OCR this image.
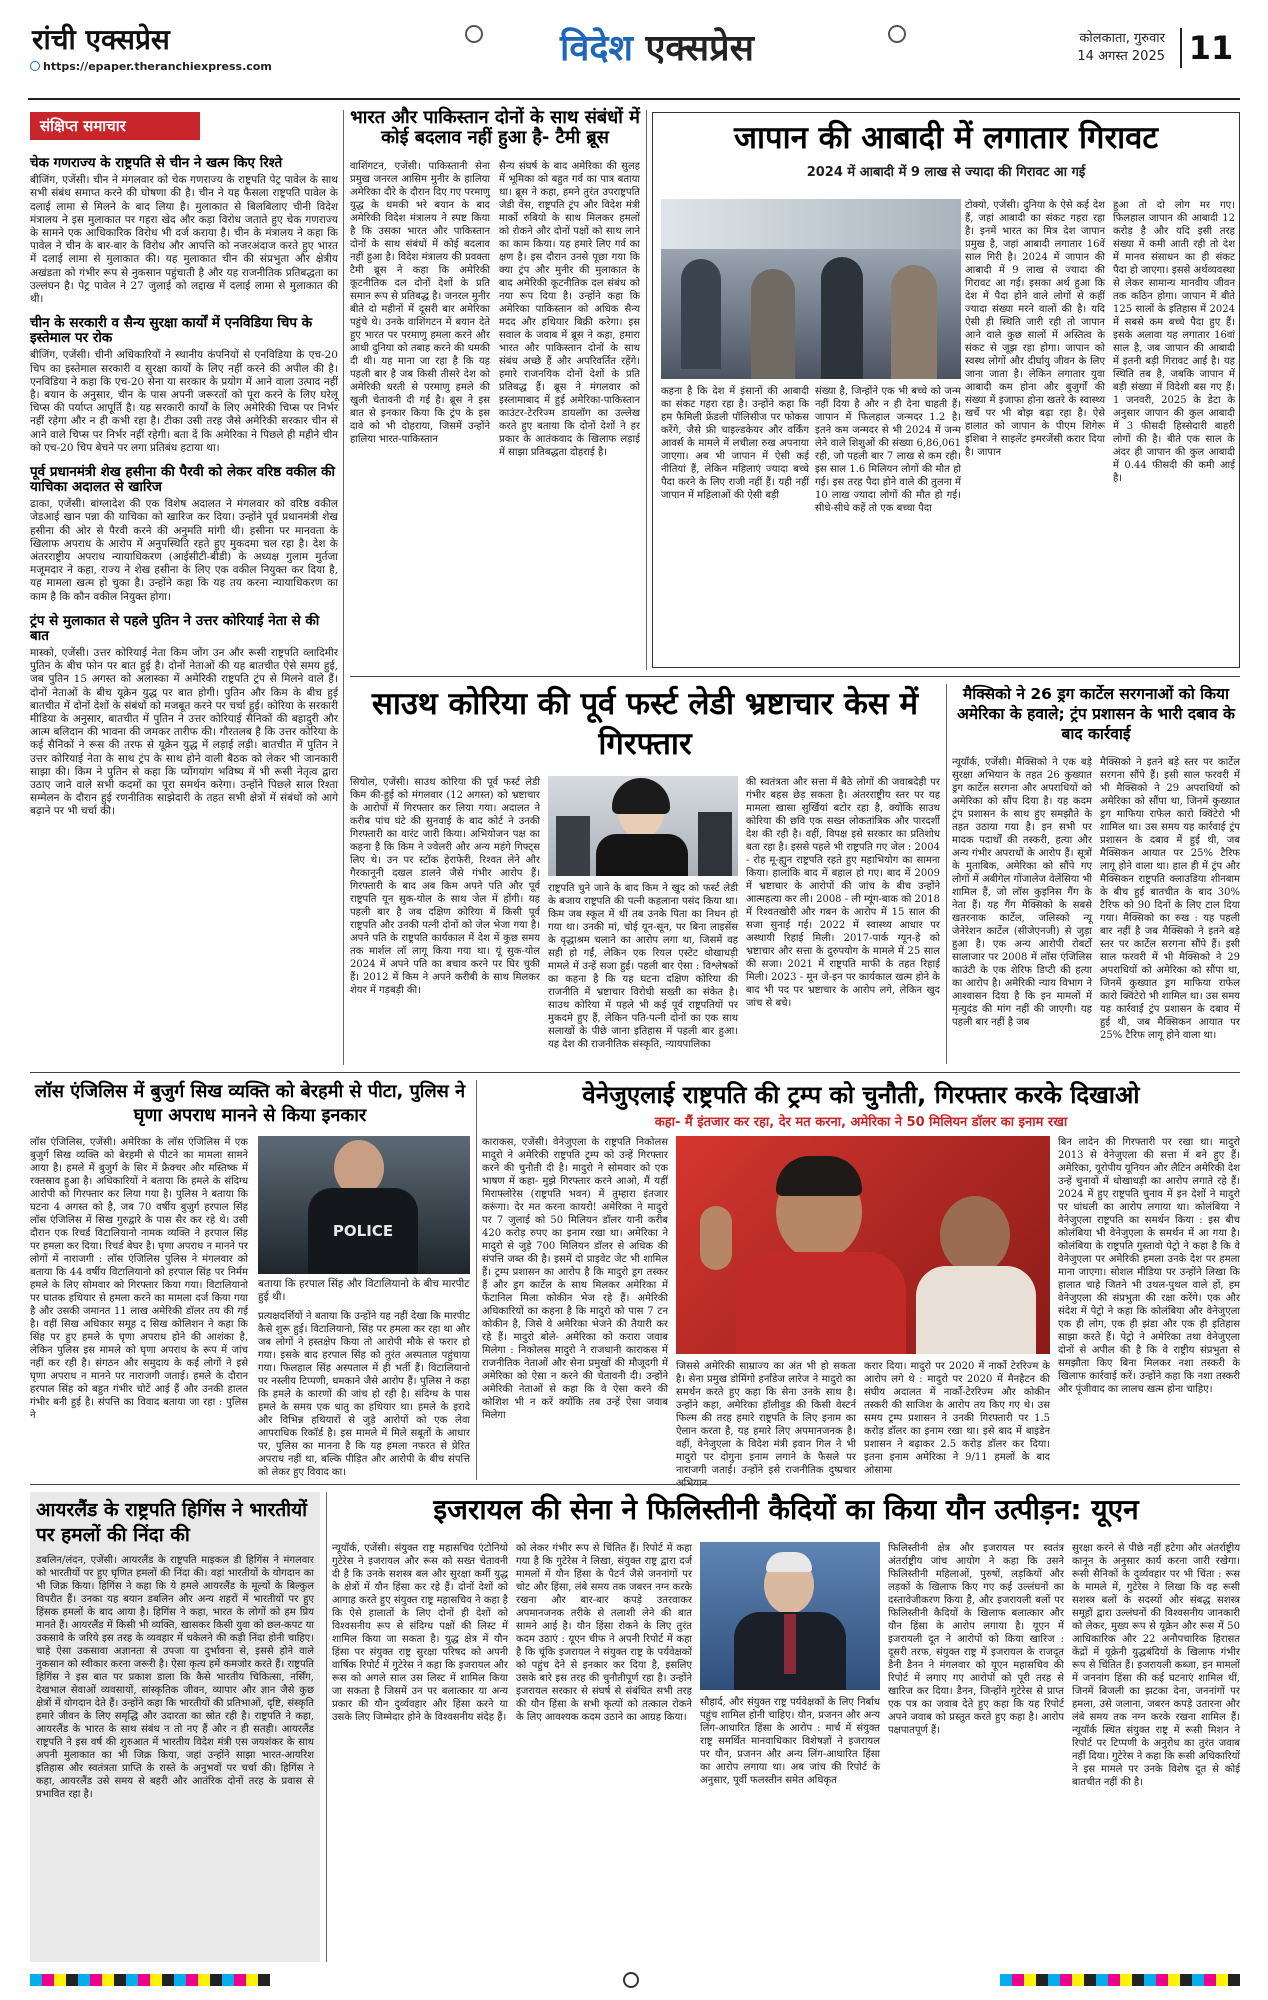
रांची एक्सप्रेस
https://epaper.theranchiexpress.com	विदेश एक्सप्रेस	कोलकाता, गुरुवार
14 अगस्त 2025 11
संक्षिप्त समाचार
चेक गणराज्य के राष्ट्रपति से चीन ने खत्म किए रिश्ते
बीजिंग, एजेंसी। चीन ने मंगलवार को चेक गणराज्य के राष्ट्रपति पेट्र पावेल के साथ सभी संबंध समाप्त करने की घोषणा की है। चीन ने यह फैसला राष्ट्रपति पावेल के दलाई लामा से मिलने के बाद लिया है। मुलाकात से बिलबिलाए चीनी विदेश मंत्रालय ने इस मुलाकात पर गहरा खेद और कड़ा विरोध जताते हुए चेक गणराज्य के सामने एक आधिकारिक विरोध भी दर्ज कराया है। चीन के मंत्रालय ने कहा कि पावेल ने चीन के बार-बार के विरोध और आपत्ति को नजरअंदाज करते हुए भारत में दलाई लामा से मुलाकात की। यह मुलाकात चीन की संप्रभुता और क्षेत्रीय अखंडता को गंभीर रूप से नुकसान पहुंचाती है और यह राजनीतिक प्रतिबद्धता का उल्लंघन है। पेट्र पावेल ने 27 जुलाई को लद्दाख में दलाई लामा से मुलाकात की थी।
चीन के सरकारी व सैन्य सुरक्षा कार्यों में एनविडिया चिप के इस्तेमाल पर रोक
बीजिंग, एजेंसी। चीनी अधिकारियों ने स्थानीय कंपनियों से एनविडिया के एच-20 चिप का इस्तेमाल सरकारी व सुरक्षा कार्यों के लिए नहीं करने की अपील की है। एनविडिया ने कहा कि एच-20 सेना या सरकार के प्रयोग में आने वाला उत्पाद नहीं है। बयान के अनुसार, चीन के पास अपनी जरूरतों को पूरा करने के लिए घरेलू चिप्स की पर्याप्त आपूर्ति है। यह सरकारी कार्यों के लिए अमेरिकी चिप्स पर निर्भर नहीं रहेगा और न ही कभी रहा है। टीका उसी तरह जैसे अमेरिकी सरकार चीन से आने वाले चिप्स पर निर्भर नहीं रहेगी। बता दें कि अमेरिका ने पिछले ही महीने चीन को एच-20 चिप बेचने पर लगा प्रतिबंध हटाया था।
पूर्व प्रधानमंत्री शेख हसीना की पैरवी को लेकर वरिष्ठ वकील की याचिका अदालत से खारिज
ढाका, एजेंसी। बांग्लादेश की एक विशेष अदालत ने मंगलवार को वरिष्ठ वकील जेडआई खान पन्ना की याचिका को खारिज कर दिया। उन्होंने पूर्व प्रधानमंत्री शेख हसीना की ओर से पैरवी करने की अनुमति मांगी थी। हसीना पर मानवता के खिलाफ अपराध के आरोप में अनुपस्थिति रहते हुए मुकदमा चल रहा है। देश के अंतरराष्ट्रीय अपराध न्यायाधिकरण (आईसीटी-बीडी) के अध्यक्ष गुलाम मुर्तजा मजूमदार ने कहा, राज्य ने शेख हसीना के लिए एक वकील नियुक्त कर दिया है, यह मामला खत्म हो चुका है। उन्होंने कहा कि यह तय करना न्यायाधिकरण का काम है कि कौन वकील नियुक्त होगा।
ट्रंप से मुलाकात से पहले पुतिन ने उत्तर कोरियाई नेता से की बात
मास्को, एजेंसी। उत्तर कोरियाई नेता किम जोंग उन और रूसी राष्ट्रपति व्लादिमीर पुतिन के बीच फोन पर बात हुई है। दोनों नेताओं की यह बातचीत ऐसे समय हुई, जब पुतिन 15 अगस्त को अलास्का में अमेरिकी राष्ट्रपति ट्रंप से मिलने वाले हैं। दोनों नेताओं के बीच यूक्रेन युद्ध पर बात होगी। पुतिन और किम के बीच हुई बातचीत में दोनों देशों के संबंधों को मजबूत करने पर चर्चा हुई। कोरिया के सरकारी मीडिया के अनुसार, बातचीत में पुतिन ने उत्तर कोरियाई सैनिकों की बहादुरी और आत्म बलिदान की भावना की जमकर तारीफ की। गौरतलब है कि उत्तर कोरिया के कई सैनिकों ने रूस की तरफ से यूक्रेन युद्ध में लड़ाई लड़ी। बातचीत में पुतिन ने उत्तर कोरियाई नेता के साथ ट्रंप के साथ होने वाली बैठक को लेकर भी जानकारी साझा की। किम ने पुतिन से कहा कि प्योंगयांग भविष्य में भी रूसी नेतृत्व द्वारा उठाए जाने वाले सभी कदमों का पूरा समर्थन करेगा। उन्होंने पिछले साल रिश्ता सम्मेलन के दौरान हुई रणनीतिक साझेदारी के तहत सभी क्षेत्रों में संबंधों को आगे बढ़ाने पर भी चर्चा की।
भारत और पाकिस्तान दोनों के साथ संबंधों में कोई बदलाव नहीं हुआ है- टैमी ब्रूस
वाशिंगटन, एजेंसी। पाकिस्तानी सेना प्रमुख जनरल आसिम मुनीर के हालिया अमेरिका दौरे के दौरान दिए गए परमाणु युद्ध के धमकी भरे बयान के बाद अमेरिकी विदेश मंत्रालय ने स्पष्ट किया है कि उसका भारत और पाकिस्तान दोनों के साथ संबंधों में कोई बदलाव नहीं हुआ है। विदेश मंत्रालय की प्रवक्ता टैमी ब्रूस ने कहा कि अमेरिकी कूटनीतिक दल दोनों देशों के प्रति समान रूप से प्रतिबद्ध है। जनरल मुनीर बीते दो महीनों में दूसरी बार अमेरिका पहुंचे थे। उनके वाशिंगटन में बयान देते हुए भारत पर परमाणु हमला करने और आधी दुनिया को तबाह करने की धमकी दी थी। यह माना जा रहा है कि यह पहली बार है जब किसी तीसरे देश को अमेरिकी धरती से परमाणु हमले की खुली चेतावनी दी गई है। ब्रूस ने इस बात से इनकार किया कि ट्रंप के इस दावे को भी दोहराया, जिसमें उन्होंने हालिया भारत-पाकिस्तान
सैन्य संघर्ष के बाद अमेरिका की सुलह में भूमिका को बहुत गर्व का पात्र बताया था। ब्रूस ने कहा, हमने तुरंत उपराष्ट्रपति जेडी वेंस, राष्ट्रपति ट्रंप और विदेश मंत्री मार्को रुबियो के साथ मिलकर हमलों को रोकने और दोनों पक्षों को साथ लाने का काम किया। यह हमारे लिए गर्व का क्षण है। इस दौरान उनसे पूछा गया कि क्या ट्रंप और मुनीर की मुलाकात के बाद अमेरिकी कूटनीतिक दल संबंध को नया रूप दिया है। उन्होंने कहा कि अमेरिका पाकिस्तान को अधिक सैन्य मदद और हथियार बिक्री करेगा। इस सवाल के जवाब में ब्रूस ने कहा, हमारा भारत और पाकिस्तान दोनों के साथ संबंध अच्छे हैं और अपरिवर्तित रहेंगे। हमारे राजनयिक दोनों देशों के प्रति प्रतिबद्ध हैं। ब्रूस ने मंगलवार को इस्लामाबाद में हुई अमेरिका-पाकिस्तान काउंटर-टेररिज्म डायलॉग का उल्लेख करते हुए बताया कि दोनों देशों ने हर प्रकार के आतंकवाद के खिलाफ लड़ाई में साझा प्रतिबद्धता दोहराई है।
जापान की आबादी में लगातार गिरावट
2024 में आबादी में 9 लाख से ज्यादा की गिरावट आ गई
टोक्यो, एजेंसी। दुनिया के ऐसे कई देश हैं, जहां आबादी का संकट गहरा रहा है। इनमें भारत का मित्र देश जापान प्रमुख है, जहां आबादी लगातार 16वें साल गिरी है। 2024 में जापान की आबादी में 9 लाख से ज्यादा की गिरावट आ गई। इसका अर्थ हुआ कि देश में पैदा होने वाले लोगों से कहीं ज्यादा संख्या मरने वालों की है। यदि ऐसी ही स्थिति जारी रही तो जापान आने वाले कुछ सालों में अस्तित्व के संकट से जूझ रहा होगा। जापान को स्वस्थ लोगों और दीर्घायु जीवन के लिए जाना जाता है। लेकिन लगातार युवा आबादी कम होना और बुजुर्गों की संख्या में इजाफा होना खतरे के स्वास्थ्य खर्चे पर भी बोझ बढ़ा रहा है। ऐसे हालात को जापान के पीएम शिगेरू इशिबा ने साइलेंट इमरजेंसी करार दिया है। जापान
हुआ तो दो लोग मर गए। फिलहाल जापान की आबादी 12 करोड़ है और यदि इसी तरह संख्या में कमी आती रही तो देश में मानव संसाधन का ही संकट पैदा हो जाएगा। इससे अर्थव्यवस्था से लेकर सामान्य मानवीय जीवन तक कठिन होगा। जापान में बीते 125 सालों के इतिहास में 2024 में सबसे कम बच्चे पैदा हुए हैं। इसके अलावा यह लगातार 16वां साल है, जब जापान की आबादी में इतनी बड़ी गिरावट आई है। यह स्थिति तब है, जबकि जापान में बड़ी संख्या में विदेशी बस गए हैं। 1 जनवरी, 2025 के डेटा के अनुसार जापान की कुल आबादी में 3 फीसदी हिस्सेदारी बाहरी लोगों की है। बीते एक साल के अंदर ही जापान की कुल आबादी में 0.44 फीसदी की कमी आई है।
कहना है कि देश में इंसानों की आबादी का संकट गहरा रहा है। उन्होंने कहा कि हम फैमिली फ्रेंडली पॉलिसीज पर फोकस करेंगे, जैसे फ्री चाइल्डकेयर और वर्किंग आवर्स के मामले में लचीला रुख अपनाया जाएगा। अब भी जापान में ऐसी कई नीतियां हैं, लेकिन महिलाएं ज्यादा बच्चे पैदा करने के लिए राजी नहीं हैं। यही नहीं जापान में महिलाओं की ऐसी बड़ी
संख्या है, जिन्होंने एक भी बच्चे को जन्म नहीं दिया है और न ही देना चाहती हैं। जापान में फिलहाल जन्मदर 1.2 है। इतने कम जन्मदर से भी 2024 में जन्म लेने वाले शिशुओं की संख्या 6,86,061 रही, जो पहली बार 7 लाख से कम रही। इस साल 1.6 मिलियन लोगों की मौत हो गई। इस तरह पैदा होने वाले की तुलना में 10 लाख ज्यादा लोगों की मौत हो गई। सीधे-सीधे कहें तो एक बच्चा पैदा
साउथ कोरिया की पूर्व फर्स्ट लेडी भ्रष्टाचार केस में गिरफ्तार
सियोल, एजेंसी। साउथ कोरिया की पूर्व फर्स्ट लेडी किम की-हुई को मंगलवार (12 अगस्त) को भ्रष्टाचार के आरोपों में गिरफ्तार कर लिया गया। अदालत ने करीब पांच घंटे की सुनवाई के बाद कोर्ट ने उनकी गिरफ्तारी का वारंट जारी किया। अभियोजन पक्ष का कहना है कि किम ने ज्वेलरी और अन्य महंगे गिफ्ट्स लिए थे। उन पर स्टॉक हेराफेरी, रिश्वत लेने और गैरकानूनी दखल डालने जैसे गंभीर आरोप हैं। गिरफ्तारी के बाद अब किम अपने पति और पूर्व राष्ट्रपति यून सुक-योल के साथ जेल में होंगी। यह पहली बार है जब दक्षिण कोरिया में किसी पूर्व राष्ट्रपति और उनकी पत्नी दोनों को जेल भेजा गया है। अपने पति के राष्ट्रपति कार्यकाल में देश में कुछ समय तक मार्शल लॉ लागू किया गया था। यूं सुक-योल 2024 में अपने पति का बचाव करने पर घिर चुकी हैं। 2012 में किम ने अपने करीबी के साथ मिलकर शेयर में गड़बड़ी की।
राष्ट्रपति चुने जाने के बाद किम ने खुद को फर्स्ट लेडी के बजाय राष्ट्रपति की पत्नी कहलाना पसंद किया था। किम जब स्कूल में थीं तब उनके पिता का निधन हो गया था। उनकी मां, चोई यून-सून, पर बिना लाइसेंस के वृद्धाश्रम चलाने का आरोप लगा था, जिसमें वह सही हो गईं, लेकिन एक रियल एस्टेट धोखाधड़ी मामले में उन्हें सजा हुई। पहली बार ऐसा : विश्लेषकों का कहना है कि यह घटना दक्षिण कोरिया की राजनीति में भ्रष्टाचार विरोधी सख्ती का संकेत है। साउथ कोरिया में पहले भी कई पूर्व राष्ट्रपतियों पर मुकदमे हुए हैं, लेकिन पति-पत्नी दोनों का एक साथ सलाखों के पीछे जाना इतिहास में पहली बार हुआ। यह देश की राजनीतिक संस्कृति, न्यायपालिका
की स्वतंत्रता और सत्ता में बैठे लोगों की जवाबदेही पर गंभीर बहस छेड़ सकता है। अंतरराष्ट्रीय स्तर पर यह मामला खासा सुर्खियां बटोर रहा है, क्योंकि साउथ कोरिया की छवि एक सख्त लोकतांत्रिक और पारदर्शी देश की रही है। वहीं, विपक्ष इसे सरकार का प्रतिशोध बता रहा है। इससे पहले भी राष्ट्रपति गए जेल : 2004 - रोह मू-ह्युन राष्ट्रपति रहते हुए महाभियोग का सामना किया। हालांकि बाद में बहाल हो गए। बाद में 2009 में भ्रष्टाचार के आरोपों की जांच के बीच उन्होंने आत्महत्या कर ली। 2008 - ली म्यूंग-बाक को 2018 में रिश्वतखोरी और गबन के आरोप में 15 साल की सजा सुनाई गई। 2022 में स्वास्थ्य आधार पर अस्थायी रिहाई मिली। 2017-पार्क ग्यून-हे को भ्रष्टाचार और सत्ता के दुरुपयोग के मामले में 25 साल की सजा। 2021 में राष्ट्रपति माफी के तहत रिहाई मिली। 2023 - मून जे-इन पर कार्यकाल खत्म होने के बाद भी पद पर भ्रष्टाचार के आरोप लगे, लेकिन खुद जांच से बचे।
मैक्सिको ने 26 ड्रग कार्टेल सरगनाओं को किया अमेरिका के हवाले; ट्रंप प्रशासन के भारी दबाव के बाद कार्रवाई
न्यूयॉर्क, एजेंसी। मैक्सिको ने एक बड़े सुरक्षा अभियान के तहत 26 कुख्यात ड्रग कार्टेल सरगना और अपराधियों को अमेरिका को सौंप दिया है। यह कदम ट्रंप प्रशासन के साथ हुए समझौते के तहत उठाया गया है। इन सभी पर मादक पदार्थों की तस्करी, हत्या और अन्य गंभीर अपराधों के आरोप हैं। सूत्रों के मुताबिक, अमेरिका को सौंपे गए लोगों में अबीगेल गोंजालेज वेलेंसिया भी शामिल हैं, जो लॉस कुइनिस गैंग के नेता हैं। यह गैंग मैक्सिको के सबसे खतरनाक कार्टेल, जलिस्को न्यू जेनेरेशन कार्टेल (सीजेएनजी) से जुड़ा हुआ है। एक अन्य आरोपी रोबर्टो सालाजार पर 2008 में लॉस एंजिलिस काउंटी के एक शेरिफ डिप्टी की हत्या का आरोप है। अमेरिकी न्याय विभाग ने आश्वासन दिया है कि इन मामलों में मृत्युदंड की मांग नहीं की जाएगी। यह पहली बार नहीं है जब
मैक्सिको ने इतने बड़े स्तर पर कार्टेल सरगना सौंपे हैं। इसी साल फरवरी में भी मैक्सिको ने 29 अपराधियों को अमेरिका को सौंपा था, जिनमें कुख्यात ड्रग माफिया राफेल कारो क्विंटेरो भी शामिल था। उस समय यह कार्रवाई ट्रंप प्रशासन के दबाव में हुई थी, जब मैक्सिकन आयात पर 25% टैरिफ लागू होने वाला था। हाल ही में ट्रंप और मैक्सिकन राष्ट्रपति क्लाउडिया शीनबाम के बीच हुई बातचीत के बाद 30% टैरिफ को 90 दिनों के लिए टाल दिया गया। मैक्सिको का रुख : यह पहली बार नहीं है जब मैक्सिको ने इतने बड़े स्तर पर कार्टेल सरगना सौंपे हैं। इसी साल फरवरी में भी मैक्सिको ने 29 अपराधियों को अमेरिका को सौंपा था, जिनमें कुख्यात ड्रग माफिया राफेल कारो क्विंटेरो भी शामिल था। उस समय यह कार्रवाई ट्रंप प्रशासन के दबाव में हुई थी, जब मैक्सिकन आयात पर 25% टैरिफ लागू होने वाला था।
लॉस एंजिलिस में बुजुर्ग सिख व्यक्ति को बेरहमी से पीटा, पुलिस ने घृणा अपराध मानने से किया इनकार
लॉस एंजिलिस, एजेंसी। अमेरिका के लॉस एंजिलिस में एक बुजुर्ग सिख व्यक्ति को बेरहमी से पीटने का मामला सामने आया है। हमले में बुजुर्ग के सिर में फ्रैक्चर और मस्तिष्क में रक्तस्राव हुआ है। अधिकारियों ने बताया कि हमले के संदिग्ध आरोपी को गिरफ्तार कर लिया गया है। पुलिस ने बताया कि घटना 4 अगस्त को है, जब 70 वर्षीय बुजुर्ग हरपाल सिंह लॉस एंजिलिस में सिख गुरुद्वारे के पास सैर कर रहे थे। उसी दौरान एक रिचर्ड विटालियानो नामक व्यक्ति ने हरपाल सिंह पर हमला कर दिया। रिचर्ड बेघर है। घृणा अपराध न मानने पर लोगों में नाराजगी : लॉस एंजिलिस पुलिस ने मंगलवार को बताया कि 44 वर्षीय विटालियानो को हरपाल सिंह पर निर्मम हमले के लिए सोमवार को गिरफ्तार किया गया। विटालियानो पर घातक हथियार से हमला करने का मामला दर्ज किया गया है और उसकी जमानत 11 लाख अमेरिकी डॉलर तय की गई है। वहीं सिख अधिकार समूह द सिख कोलिशन ने कहा कि सिंह पर हुए हमले के घृणा अपराध होने की आशंका है, लेकिन पुलिस इस मामले को घृणा अपराध के रूप में जांच नहीं कर रही है। संगठन और समुदाय के कई लोगों ने इसे घृणा अपराध न मानने पर नाराजगी जताई। हमले के दौरान हरपाल सिंह को बहुत गंभीर चोटें आई हैं और उनकी हालत गंभीर बनी हुई है। संपत्ति का विवाद बताया जा रहा : पुलिस ने
POLICE
बताया कि हरपाल सिंह और विटालियानो के बीच मारपीट हुई थी।
प्रत्यक्षदर्शियों ने बताया कि उन्होंने यह नहीं देखा कि मारपीट कैसे शुरू हुई। विटालियानो, सिंह पर हमला कर रहा था और जब लोगों ने हस्तक्षेप किया तो आरोपी मौके से फरार हो गया। इसके बाद हरपाल सिंह को तुरंत अस्पताल पहुंचाया गया। फिलहाल सिंह अस्पताल में ही भर्ती हैं। विटालियानो पर नस्लीय टिप्पणी, धमकाने जैसे आरोप हैं। पुलिस ने कहा कि हमले के कारणों की जांच हो रही है। संदिग्ध के पास हमले के समय एक धातु का हथियार था। हमले के इरादे और विभिन्न हथियारों से जुड़े आरोपों को एक लेवा आपराधिक रिकॉर्ड है। इस मामले में मिले सबूतों के आधार पर, पुलिस का मानना है कि यह हमला नफरत से प्रेरित अपराध नहीं था, बल्कि पीड़ित और आरोपी के बीच संपत्ति को लेकर हुए विवाद का।
वेनेजुएलाई राष्ट्रपति की ट्रम्प को चुनौती, गिरफ्तार करके दिखाओ
कहा- मैं इंतजार कर रहा, देर मत करना, अमेरिका ने 50 मिलियन डॉलर का इनाम रखा
काराकस, एजेंसी। वेनेजुएला के राष्ट्रपति निकोलस मादुरो ने अमेरिकी राष्ट्रपति ट्रम्प को उन्हें गिरफ्तार करने की चुनौती दी है। मादुरो ने सोमवार को एक भाषण में कहा- मुझे गिरफ्तार करने आओ, मैं यहीं मिराफ्लोरेस (राष्ट्रपति भवन) में तुम्हारा इंतजार करूंगा। देर मत करना कायरो! अमेरिका ने मादुरो पर 7 जुलाई को 50 मिलियन डॉलर यानी करीब 420 करोड़ रुपए का इनाम रखा था। अमेरिका ने मादुरो से जुड़े 700 मिलियन डॉलर से अधिक की संपत्ति जब्त की है। इसमें दो प्राइवेट जेट भी शामिल हैं। ट्रम्प प्रशासन का आरोप है कि मादुरो ड्रग तस्कर हैं और ड्रग कार्टेल के साथ मिलकर अमेरिका में फेंटानिल मिला कोकीन भेज रहे हैं। अमेरिकी अधिकारियों का कहना है कि मादुरो को पास 7 टन कोकीन है, जिसे वे अमेरिका भेजने की तैयारी कर रहे हैं। मादुरो बोले- अमेरिका को करारा जवाब मिलेगा : निकोलस मादुरो ने राजधानी काराकस में राजनीतिक नेताओं और सेना प्रमुखों की मौजूदगी में अमेरिका को ऐसा न करने की चेतावनी दी। उन्होंने अमेरिकी नेताओं से कहा कि वे ऐसा करने की कोशिश भी न करें क्योंकि तब उन्हें ऐसा जवाब मिलेगा
जिससे अमेरिकी साम्राज्य का अंत भी हो सकता है। सेना प्रमुख डोमिंगो हर्नांडेज लारेज ने मादुरो का समर्थन करते हुए कहा कि सेना उनके साथ है। उन्होंने कहा, अमेरिका हॉलीवुड की किसी वेस्टर्न फिल्म की तरह हमारे राष्ट्रपति के लिए इनाम का ऐलान करता है, यह हमारे लिए अपमानजनक है। वहीं, वेनेजुएला के विदेश मंत्री इवान गिल ने भी मादुरो पर दोगुना इनाम लगाने के फैसले पर नाराजगी जताई। उन्होंने इसे राजनीतिक दुष्प्रचार
करार दिया। मादुरो पर 2020 में नार्को टेररिज्म के आरोप लगे थे : मादुरो पर 2020 में मैनहैटन की संघीय अदालत में नार्को-टेररिज्म और कोकीन तस्करी की साजिश के आरोप तय किए गए थे। उस समय ट्रम्प प्रशासन ने उनकी गिरफ्तारी पर 1.5 करोड़ डॉलर का इनाम रखा था। इसे बाद में बाइडेन प्रशासन ने बढ़ाकर 2.5 करोड़ डॉलर कर दिया। इतना इनाम अमेरिका ने 9/11 हमलों के बाद ओसामा
बिन लादेन की गिरफ्तारी पर रखा था। मादुरो 2013 से वेनेजुएला की सत्ता में बने हुए हैं। अमेरिका, यूरोपीय यूनियन और लैटिन अमेरिकी देश उन्हें चुनावों में धोखाधड़ी का आरोप लगाते रहे हैं। 2024 में हुए राष्ट्रपति चुनाव में इन देशों ने मादुरो पर धांधली का आरोप लगाया था। कोलंबिया ने वेनेजुएला राष्ट्रपति का समर्थन किया : इस बीच कोलंबिया भी वेनेजुएला के समर्थन में आ गया है। कोलंबिया के राष्ट्रपति गुस्तावो पेट्रो ने कहा है कि वे वेनेजुएला पर अमेरिकी हमला उनके देश पर हमला माना जाएगा। सोशल मीडिया पर उन्होंने लिखा कि हालात चाहे जितने भी उथल-पुथल वाले हों, हम वेनेजुएला की संप्रभुता की रक्षा करेंगे। एक और संदेश में पेट्रो ने कहा कि कोलंबिया और वेनेजुएला एक ही लोग, एक ही झंडा और एक ही इतिहास साझा करते हैं। पेट्रो ने अमेरिका तथा वेनेजुएला दोनों से अपील की है कि वे राष्ट्रीय संप्रभुता से समझौता किए बिना मिलकर नशा तस्करी के खिलाफ कार्रवाई करें। उन्होंने कहा कि नशा तस्करी और पूंजीवाद का लालच खत्म होना चाहिए।
आयरलैंड के राष्ट्रपति हिगिंस ने भारतीयों पर हमलों की निंदा की
डबलिन/लंदन, एजेंसी। आयरलैंड के राष्ट्रपति माइकल डी हिगिंस ने मंगलवार को भारतीयों पर हुए घृणित हमलों की निंदा की। वहां भारतीयों के योगदान का भी जिक्र किया। हिगिंस ने कहा कि ये हमले आयरलैंड के मूल्यों के बिल्कुल विपरीत हैं। उनका यह बयान डबलिन और अन्य शहरों में भारतीयों पर हुए हिंसक हमलों के बाद आया है। हिगिंस ने कहा, भारत के लोगों को हम प्रिय मानते हैं। आयरलैंड में किसी भी व्यक्ति, खासकर किसी युवा को छल-कपट या उकसावे के जरिये इस तरह के व्यवहार में धकेलने की कड़ी निंदा होनी चाहिए। चाहे ऐसा उकसावा अज्ञानता से उपजा या दुर्भावना से, इससे होने वाले नुकसान को स्वीकार करना जरूरी है। ऐसा कृत्य हमें कमजोर करते हैं। राष्ट्रपति हिगिंस ने इस बात पर प्रकाश डाला कि कैसे भारतीय चिकित्सा, नर्सिंग, देखभाल सेवाओं व्यवसायों, सांस्कृतिक जीवन, व्यापार और ज्ञान जैसे कुछ क्षेत्रों में योगदान देते हैं। उन्होंने कहा कि भारतीयों की प्रतिभाओं, दृष्टि, संस्कृति हमारे जीवन के लिए समृद्धि और उदारता का स्रोत रही है। राष्ट्रपति ने कहा, आयरलैंड के भारत के साथ संबंध न तो नए हैं और न ही सतही। आयरलैंड राष्ट्रपति ने इस वर्ष की शुरुआत में भारतीय विदेश मंत्री एस जयशंकर के साथ अपनी मुलाकात का भी जिक्र किया, जहां उन्होंने साझा भारत-आयरिश इतिहास और स्वतंत्रता प्राप्ति के रास्ते के अनुभवों पर चर्चा की। हिगिंस ने कहा, आयरलैंड उसे समय से बहरी और आतंरिक दोनों तरह के प्रवास से प्रभावित रहा है।
इजरायल की सेना ने फिलिस्तीनी कैदियों का किया यौन उत्पीड़न: यूएन
न्यूयॉर्क, एजेंसी। संयुक्त राष्ट्र महासचिव एंटोनियो गुटेरेस ने इजरायल और रूस को सख्त चेतावनी दी है कि उनके सशस्त्र बल और सुरक्षा कर्मी युद्ध के क्षेत्रों में यौन हिंसा कर रहे हैं। दोनों देशों को आगाह करते हुए संयुक्त राष्ट्र महासचिव ने कहा है कि ऐसे हालातों के लिए दोनों ही देशों को विश्वसनीय रूप से संदिग्ध पक्षों की लिस्ट में शामिल किया जा सकता है। युद्ध क्षेत्र में यौन हिंसा पर संयुक्त राष्ट्र सुरक्षा परिषद को अपनी वार्षिक रिपोर्ट में गुटेरेस ने कहा कि इजरायल और रूस को अगले साल उस लिस्ट में शामिल किया जा सकता है जिसमें उन पर बलात्कार या अन्य प्रकार की यौन दुर्व्यवहार और हिंसा करने या उसके लिए जिम्मेदार होने के विश्वसनीय संदेह हैं।
को लेकर गंभीर रूप से चिंतित हैं। रिपोर्ट में कहा गया है कि गुटेरेस ने लिखा, संयुक्त राष्ट्र द्वारा दर्ज मामलों में यौन हिंसा के पैटर्न जैसे जननांगों पर चोट और हिंसा, लंबे समय तक जबरन नग्न करके रखना और बार-बार कपड़े उतरवाकर अपमानजनक तरीके से तलाशी लेने की बात सामने आई है। यौन हिंसा रोकने के लिए तुरंत कदम उठाएं : यूएन चीफ ने अपनी रिपोर्ट में कहा है कि चूंकि इजरायल ने संयुक्त राष्ट्र के पर्यवेक्षकों को पहुंच देने से इनकार कर दिया है, इसलिए उसके बारे इस तरह की चुनौतीपूर्ण रहा है। उन्होंने इजरायल सरकार से संघर्ष से संबंधित सभी तरह की यौन हिंसा के सभी कृत्यों को तत्काल रोकने के लिए आवश्यक कदम उठाने का आग्रह किया।
सौहार्द, और संयुक्त राष्ट्र पर्यवेक्षकों के लिए निर्बाध पहुंच शामिल होनी चाहिए। यौन, प्रजनन और अन्य लिंग-आधारित हिंसा के आरोप : मार्च में संयुक्त राष्ट्र समर्थित मानवाधिकार विशेषज्ञों ने इजरायल पर यौन, प्रजनन और अन्य लिंग-आधारित हिंसा का आरोप लगाया था। अब जांच की रिपोर्ट के अनुसार, पूर्वी फलस्तीन समेत अधिकृत
फिलिस्तीनी क्षेत्र और इजरायल पर स्वतंत्र अंतर्राष्ट्रीय जांच आयोग ने कहा कि उसने फिलिस्तीनी महिलाओं, पुरुषों, लड़कियों और लड़कों के खिलाफ किए गए कई उल्लंघनों का दस्तावेजीकरण किया है, और इजरायली बलों पर फिलिस्तीनी कैदियों के खिलाफ बलात्कार और यौन हिंसा के आरोप लगाया है। यूएन में इजरायली दूत ने आरोपों को किया खारिज : दूसरी तरफ, संयुक्त राष्ट्र में इजरायल के राजदूत डैनी डैनन ने मंगलवार को यूएन महासचिव की रिपोर्ट में लगाए गए आरोपों को पूरी तरह से खारिज कर दिया। डैनन, जिन्होंने गुटेरेस से प्राप्त एक पत्र का जवाब देते हुए कहा कि यह रिपोर्ट अपने जवाब को प्रस्तुत करते हुए कहा है। आरोप पक्षपातपूर्ण हैं।
सुरक्षा करने से पीछे नहीं हटेगा और अंतर्राष्ट्रीय कानून के अनुसार कार्य करना जारी रखेगा। रूसी सैनिकों के दुर्व्यवहार पर भी चिंता : रूस के मामले में, गुटेरेस ने लिखा कि वह रूसी सशस्त्र बलों के सदस्यों और संबद्ध सशस्त्र समूहों द्वारा उल्लंघनों की विश्वसनीय जानकारी को लेकर, मुख्य रूप से यूक्रेन और रूस में 50 आधिकारिक और 22 अनौपचारिक हिरासत केंद्रों में यूक्रेनी युद्धबंदियों के खिलाफ गंभीर रूप से चिंतित हैं। इजरायली कब्जा, इन मामलों में जननांग हिंसा की कई घटनाएं शामिल थीं, जिनमें बिजली का झटका देना, जननांगों पर हमला, उसे जलाना, जबरन कपड़े उतारना और लंबे समय तक नग्न करके रखना शामिल हैं। न्यूयॉर्क स्थित संयुक्त राष्ट्र में रूसी मिशन ने रिपोर्ट पर टिप्पणी के अनुरोध का तुरंत जवाब नहीं दिया। गुटेरेस ने कहा कि रूसी अधिकारियों ने इस मामले पर उनके विशेष दूत से कोई बातचीत नहीं की है।
